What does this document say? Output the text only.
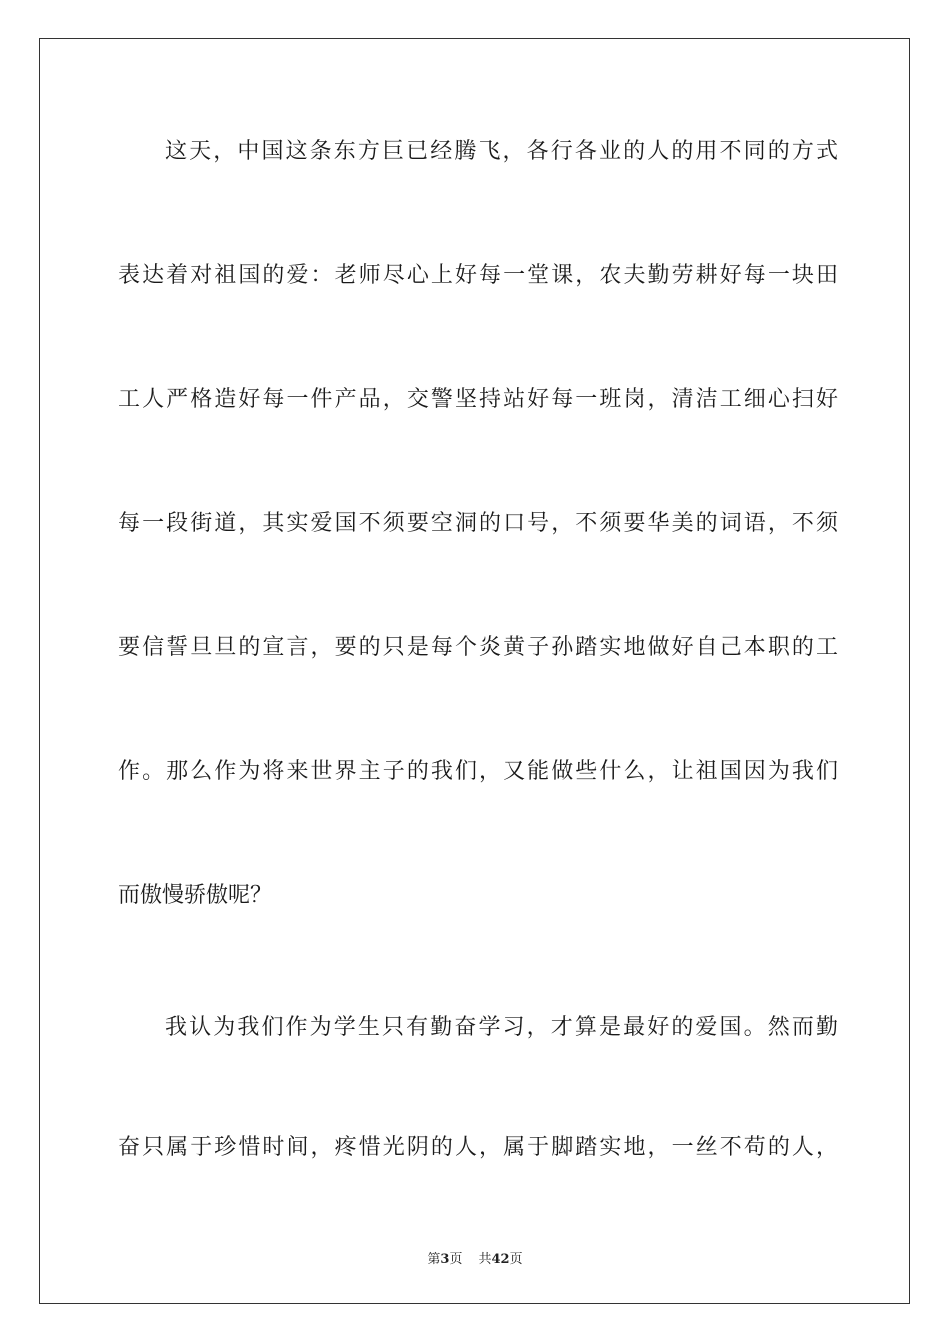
这天，中国这条东方巨已经腾飞，各行各业的人的用不同的方式
表达着对祖国的爱：老师尽心上好每一堂课，农夫勤劳耕好每一块田
工人严格造好每一件产品，交警坚持站好每一班岗，清洁工细心扫好
每一段街道，其实爱国不须要空洞的口号，不须要华美的词语，不须
要信誓旦旦的宣言，要的只是每个炎黄子孙踏实地做好自己本职的工
作。那么作为将来世界主子的我们，又能做些什么，让祖国因为我们
而傲慢骄傲呢？
我认为我们作为学生只有勤奋学习，才算是最好的爱国。然而勤
奋只属于珍惜时间，疼惜光阴的人，属于脚踏实地，一丝不苟的人，
第3页 共42页
